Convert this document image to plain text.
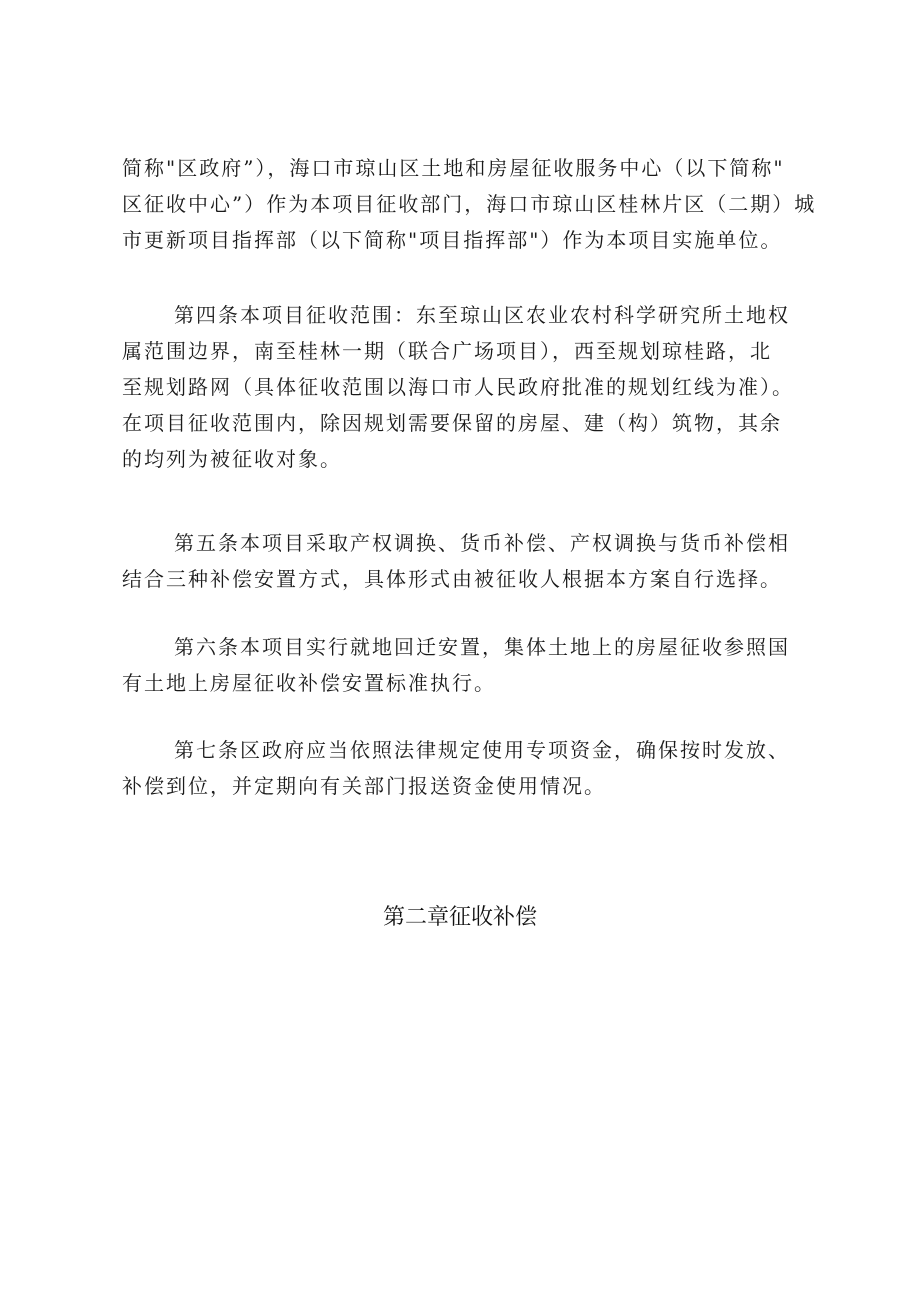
简称"区政府”），海口市琼山区土地和房屋征收服务中心（以下简称"
区征收中心”）作为本项目征收部门，海口市琼山区桂林片区（二期）城
市更新项目指挥部（以下简称"项目指挥部"）作为本项目实施单位。
第四条本项目征收范围：东至琼山区农业农村科学研究所土地权
属范围边界，南至桂林一期（联合广场项目），西至规划琼桂路，北
至规划路网（具体征收范围以海口市人民政府批准的规划红线为准）。
在项目征收范围内，除因规划需要保留的房屋、建（构）筑物，其余
的均列为被征收对象。
第五条本项目采取产权调换、货币补偿、产权调换与货币补偿相
结合三种补偿安置方式，具体形式由被征收人根据本方案自行选择。
第六条本项目实行就地回迁安置，集体土地上的房屋征收参照国
有土地上房屋征收补偿安置标准执行。
第七条区政府应当依照法律规定使用专项资金，确保按时发放、
补偿到位，并定期向有关部门报送资金使用情况。
第二章征收补偿
